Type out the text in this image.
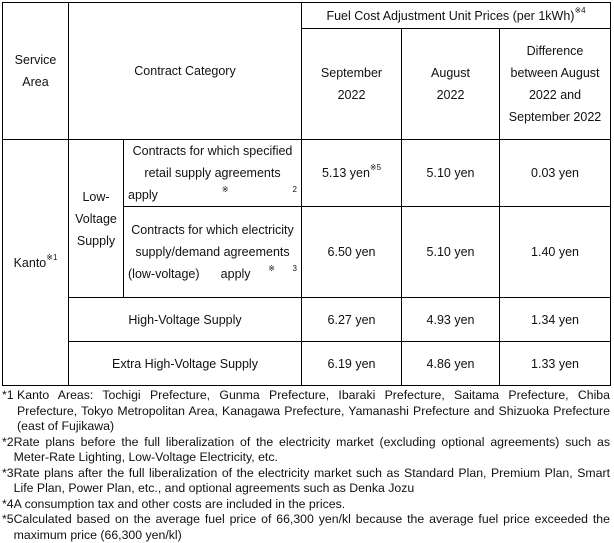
Service Area	Contract Category		Fuel Cost Adjustment Unit Prices (per 1kWh)$^{※4}$
			September 2022	August 2022	Difference between August 2022 and September 2022
Kanto$^{※1}$	Low-Voltage Supply	Contracts for which specified retail supply agreements apply$^{※2}$	5.13 yen$^{※5}$	5.10 yen	0.03 yen
		Contracts for which electricity supply/demand agreements (low-voltage) apply$^{※3}$	6.50 yen	5.10 yen	1.40 yen
	High-Voltage Supply		6.27 yen	4.93 yen	1.34 yen
	Extra High-Voltage Supply		6.19 yen	4.86 yen	1.33 yen
*1
Kanto Areas: Tochigi Prefecture, Gunma Prefecture, Ibaraki Prefecture, Saitama Prefecture, Chiba Prefecture, Tokyo Metropolitan Area, Kanagawa Prefecture, Yamanashi Prefecture and Shizuoka Prefecture (east of Fujikawa)
*2 Rate plans before the full liberalization of the electricity market (excluding optional agreements) such as Meter-Rate Lighting, Low-Voltage Electricity, etc.
*3 Rate plans after the full liberalization of the electricity market such as Standard Plan, Premium Plan, Smart Life Plan, Power Plan, etc., and optional agreements such as Denka Jozu
*4 A consumption tax and other costs are included in the prices.
*5 Calculated based on the average fuel price of 66,300 yen/kl because the average fuel price exceeded the maximum price (66,300 yen/kl)
